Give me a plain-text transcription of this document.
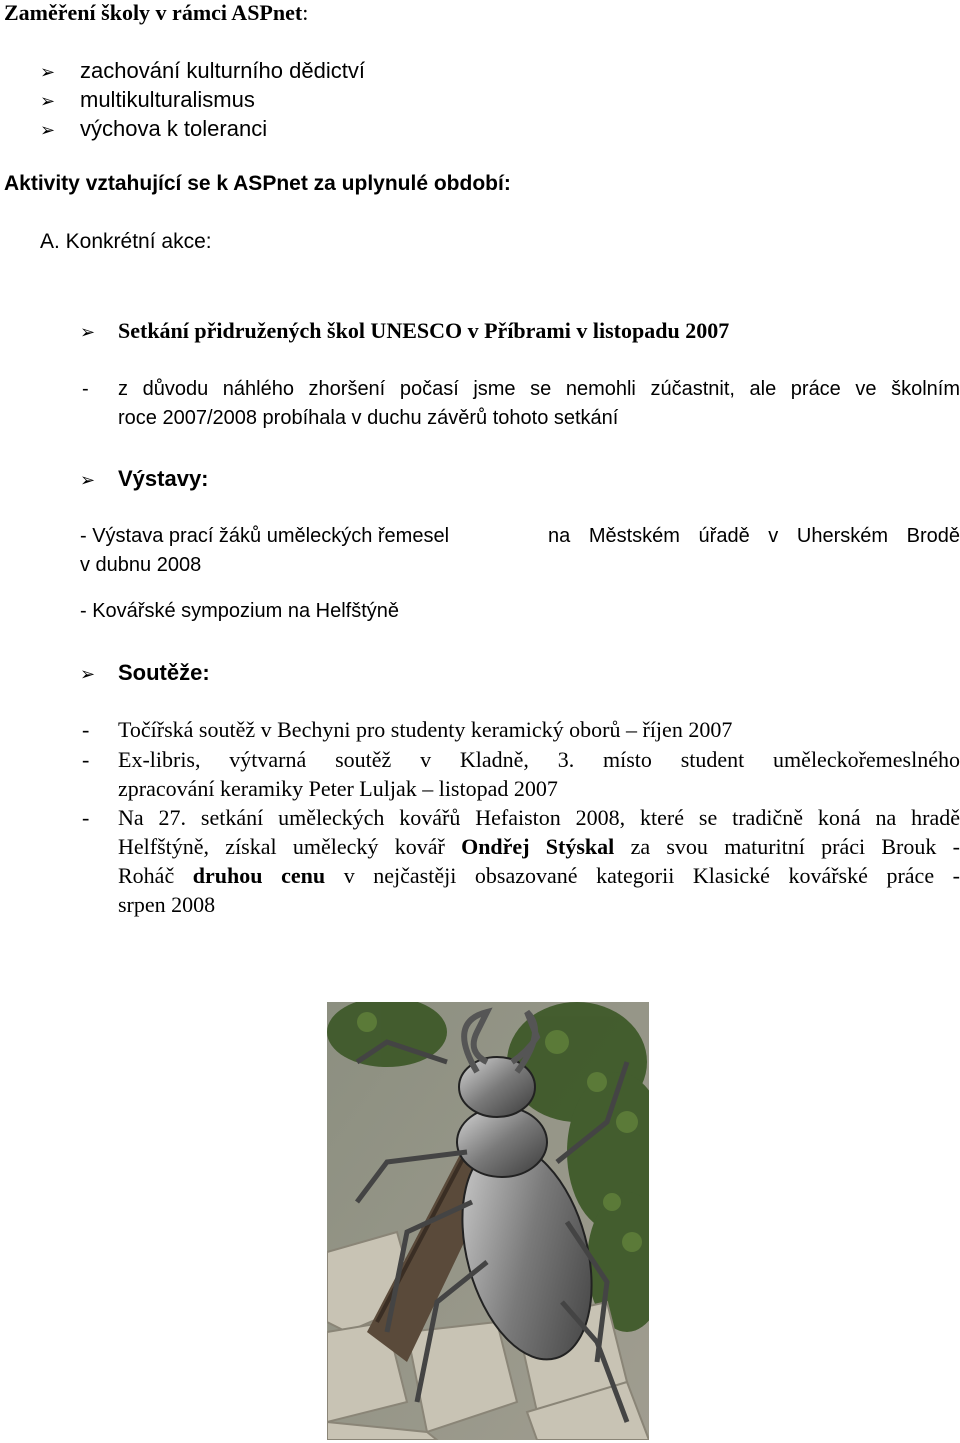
Zaměření školy v rámci ASPnet:
➢ zachování kulturního dědictví
➢ multikulturalismus
➢ výchova k toleranci
Aktivity vztahující se k ASPnet za uplynulé období:
A. Konkrétní akce:
➢ Setkání přidružených škol UNESCO v Příbrami v listopadu 2007
- z důvodu náhlého zhoršení počasí jsme se nemohli zúčastnit, ale práce ve školním
roce 2007/2008 probíhala v duchu závěrů tohoto setkání
➢ Výstavy:
- Výstava prací žáků uměleckých řemesel	na Městském úřadě v Uherském Brodě
v dubnu 2008
- Kovářské sympozium na Helfštýně
➢ Soutěže:
- Točířská soutěž v Bechyni pro studenty keramický oborů – říjen 2007
- Ex-libris, výtvarná soutěž v Kladně, 3. místo student uměleckořemeslného
zpracování keramiky Peter Luljak – listopad 2007
- Na 27. setkání uměleckých kovářů Hefaiston 2008, které se tradičně koná na hradě
Helfštýně, získal umělecký kovář Ondřej Stýskal za svou maturitní práci Brouk -
Roháč druhou cenu v nejčastěji obsazované kategorii Klasické kovářské práce -
srpen 2008
